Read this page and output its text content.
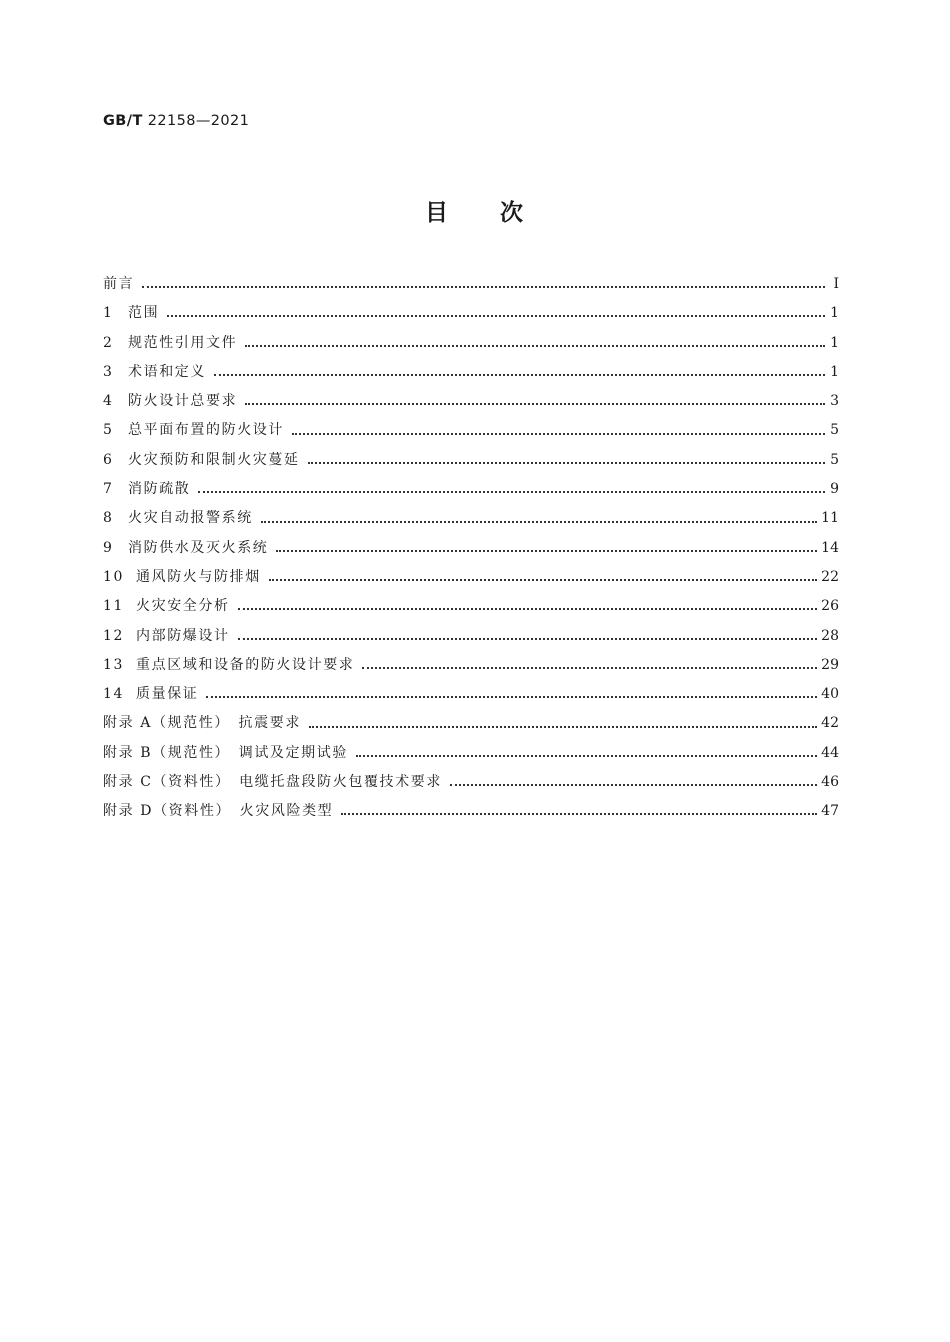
GB/T 22158—2021
目　　次
前言	Ⅰ
1	范围	1
2	规范性引用文件	1
3	术语和定义	1
4	防火设计总要求	3
5	总平面布置的防火设计	5
6	火灾预防和限制火灾蔓延	5
7	消防疏散	9
8	火灾自动报警系统	11
9	消防供水及灭火系统	14
10 通风防火与防排烟	22
11 火灾安全分析	26
12 内部防爆设计	28
13 重点区域和设备的防火设计要求	29
14 质量保证	40
附录 A（规范性）　抗震要求	42
附录 B（规范性）　调试及定期试验	44
附录 C（资料性）　电缆托盘段防火包覆技术要求	46
附录 D（资料性）　火灾风险类型	47
